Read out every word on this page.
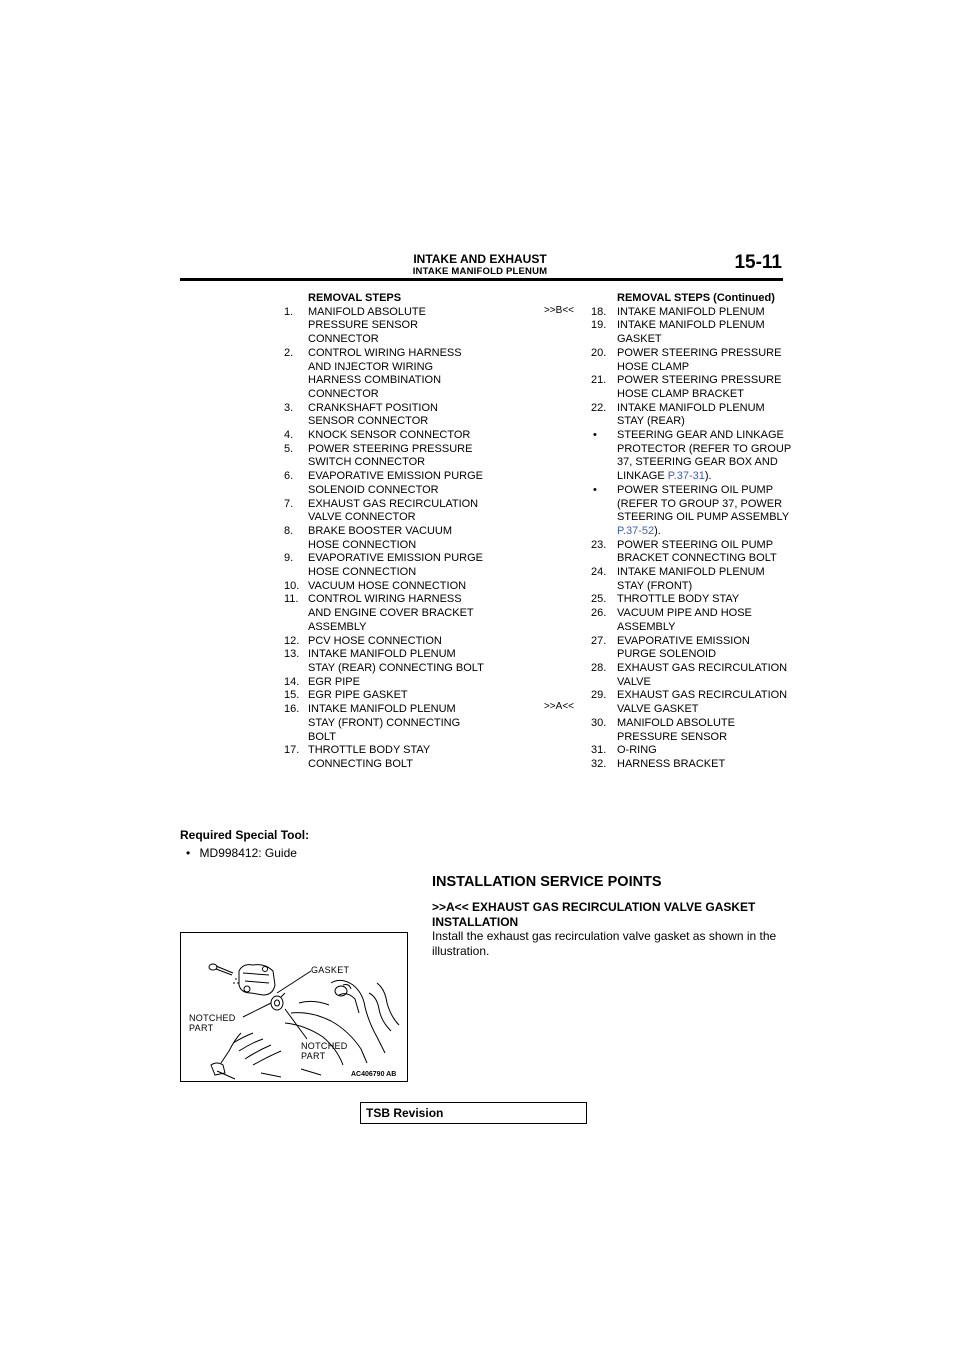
INTAKE AND EXHAUST
INTAKE MANIFOLD PLENUM	15-11
REMOVAL STEPS
1.	MANIFOLD ABSOLUTE PRESSURE SENSOR CONNECTOR
2.	CONTROL WIRING HARNESS AND INJECTOR WIRING HARNESS COMBINATION CONNECTOR
3.	CRANKSHAFT POSITION SENSOR CONNECTOR
4.	KNOCK SENSOR CONNECTOR
5.	POWER STEERING PRESSURE SWITCH CONNECTOR
6.	EVAPORATIVE EMISSION PURGE SOLENOID CONNECTOR
7.	EXHAUST GAS RECIRCULATION VALVE CONNECTOR
8.	BRAKE BOOSTER VACUUM HOSE CONNECTION
9.	EVAPORATIVE EMISSION PURGE HOSE CONNECTION
10. VACUUM HOSE CONNECTION
11. CONTROL WIRING HARNESS AND ENGINE COVER BRACKET ASSEMBLY
12. PCV HOSE CONNECTION
13. INTAKE MANIFOLD PLENUM STAY (REAR) CONNECTING BOLT
14. EGR PIPE
15. EGR PIPE GASKET
16. INTAKE MANIFOLD PLENUM STAY (FRONT) CONNECTING BOLT
17. THROTTLE BODY STAY CONNECTING BOLT
>>B<<
>>A<<
REMOVAL STEPS (Continued)
18. INTAKE MANIFOLD PLENUM
19. INTAKE MANIFOLD PLENUM GASKET
20. POWER STEERING PRESSURE HOSE CLAMP
21. POWER STEERING PRESSURE HOSE CLAMP BRACKET
22. INTAKE MANIFOLD PLENUM STAY (REAR)
• STEERING GEAR AND LINKAGE PROTECTOR (REFER TO GROUP 37, STEERING GEAR BOX AND LINKAGE P.37-31).
• POWER STEERING OIL PUMP (REFER TO GROUP 37, POWER STEERING OIL PUMP ASSEMBLY P.37-52).
23. POWER STEERING OIL PUMP BRACKET CONNECTING BOLT
24. INTAKE MANIFOLD PLENUM STAY (FRONT)
25. THROTTLE BODY STAY
26. VACUUM PIPE AND HOSE ASSEMBLY
27. EVAPORATIVE EMISSION PURGE SOLENOID
28. EXHAUST GAS RECIRCULATION VALVE
29. EXHAUST GAS RECIRCULATION VALVE GASKET
30. MANIFOLD ABSOLUTE PRESSURE SENSOR
31. O-RING
32. HARNESS BRACKET
Required Special Tool:
• MD998412: Guide
INSTALLATION SERVICE POINTS
>>A<< EXHAUST GAS RECIRCULATION VALVE GASKET INSTALLATION
Install the exhaust gas recirculation valve gasket as shown in the illustration.
GASKET
NOTCHED PART
NOTCHED PART
AC406790 AB
TSB Revision
